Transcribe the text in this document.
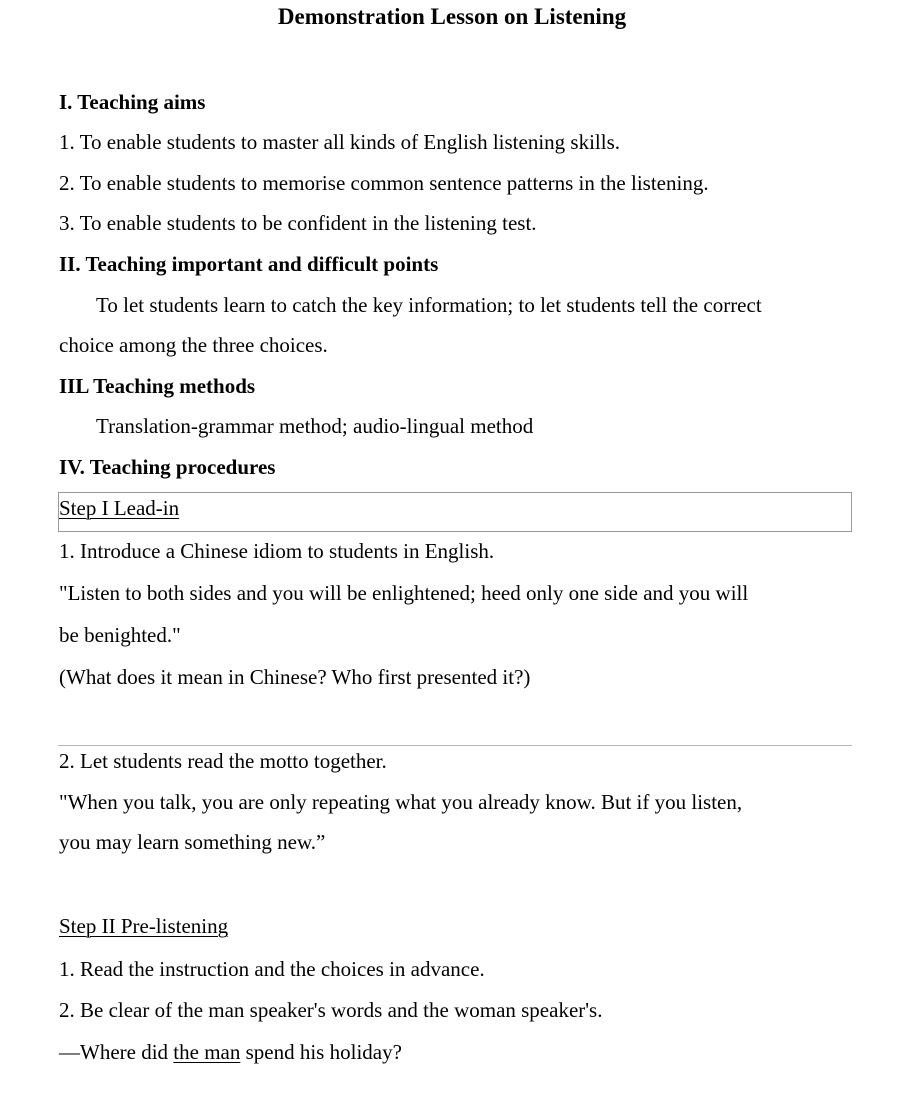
Demonstration Lesson on Listening
I. Teaching aims
1. To enable students to master all kinds of English listening skills.
2. To enable students to memorise common sentence patterns in the listening.
3. To enable students to be confident in the listening test.
II. Teaching important and difficult points
To let students learn to catch the key information; to let students tell the correct
choice among the three choices.
IIL Teaching methods
Translation-grammar method; audio-lingual method
IV. Teaching procedures
Step I Lead-in
1. Introduce a Chinese idiom to students in English.
"Listen to both sides and you will be enlightened; heed only one side and you will
be benighted."
(What does it mean in Chinese? Who first presented it?)
2. Let students read the motto together.
"When you talk, you are only repeating what you already know. But if you listen,
you may learn something new.”
Step II Pre-listening
1. Read the instruction and the choices in advance.
2. Be clear of the man speaker's words and the woman speaker's.
—Where did the man spend his holiday?
